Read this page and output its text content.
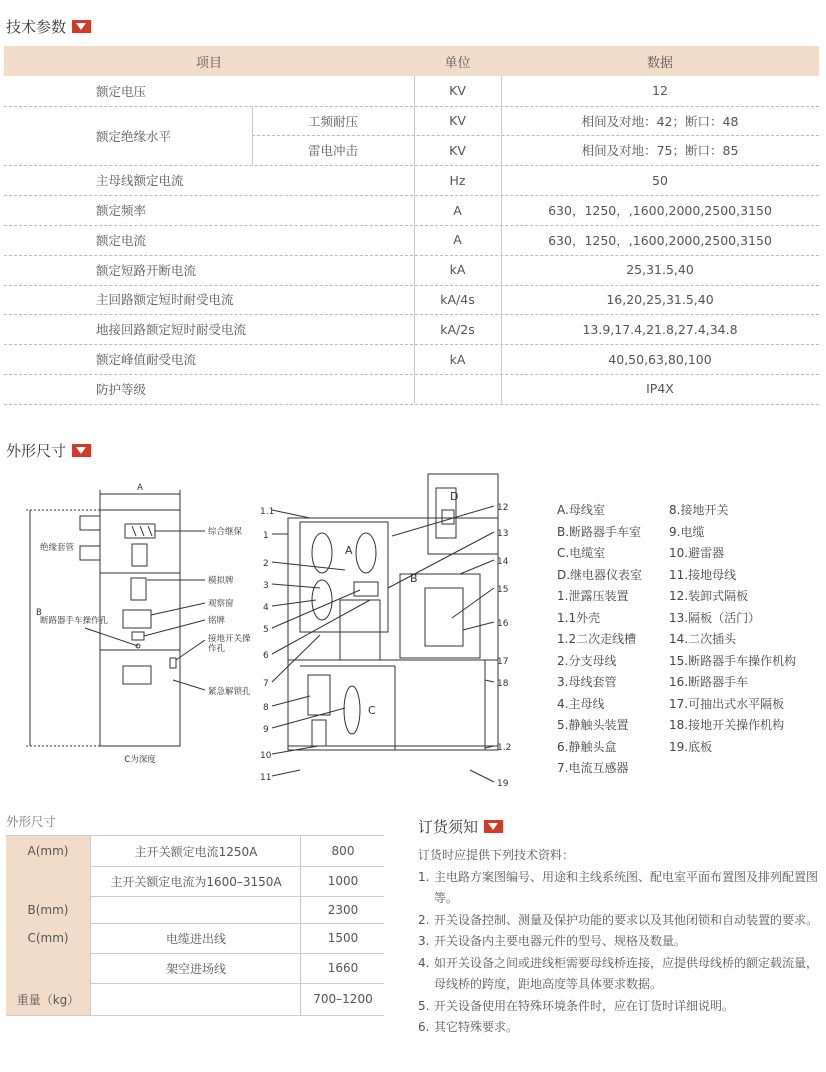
技术参数
项目	单位	数据
额定电压	KV	12
额定绝缘水平
工频耐压	KV	相间及对地：42；断口：48
雷电冲击	KV	相间及对地：75；断口：85
主母线额定电流	Hz	50
额定频率	A	630，1250，,1600,2000,2500,3150
额定电流	A	630，1250，,1600,2000,2500,3150
额定短路开断电流	kA	25,31.5,40
主回路额定短时耐受电流	kA/4s	16,20,25,31.5,40
地接回路额定短时耐受电流	kA/2s	13.9,17.4,21.8,27.4,34.8
额定峰值耐受电流	kA	40,50,63,80,100
防护等级	IP4X
外形尺寸
A
B
C为深度
绝缘套管
综合继保
模拟牌
观察窗
铭牌
断路器手车操作孔
接地开关操作孔
紧急解锁孔
A
B
C
D
1.1
1
2
3
4
5
6
7
8
9
10
11
12
13
14
15
16
17
18
1.2
19
A.母线室
B.断路器手车室
C.电缆室
D.继电器仪表室
1.泄露压装置
1.1外壳
1.2二次走线槽
2.分支母线
3.母线套管
4.主母线
5.静触头装置
6.静触头盒
7.电流互感器
8.接地开关
9.电缆
10.避雷器
11.接地母线
12.装卸式隔板
13.隔板（活门）
14.二次插头
15.断路器手车操作机构
16.断路器手车
17.可抽出式水平隔板
18.接地开关操作机构
19.底板
外形尺寸
A(mm)	主开关额定电流1250A	800
主开关额定电流为1600–3150A	1000
B(mm)	2300
C(mm)	电缆进出线	1500
架空进场线	1660
重量（kg）	700–1200
订货须知
订货时应提供下列技术资料：
1. 主电路方案图编号、用途和主线系统图、配电室平面布置图及排列配置图等。
2. 开关设备控制、测量及保护功能的要求以及其他闭锁和自动装置的要求。
3. 开关设备内主要电器元件的型号、规格及数量。
4. 如开关设备之间或进线柜需要母线桥连接，应提供母线桥的额定载流量，母线桥的跨度，距地高度等具体要求数据。
5. 开关设备使用在特殊环境条件时，应在订货时详细说明。
6. 其它特殊要求。
